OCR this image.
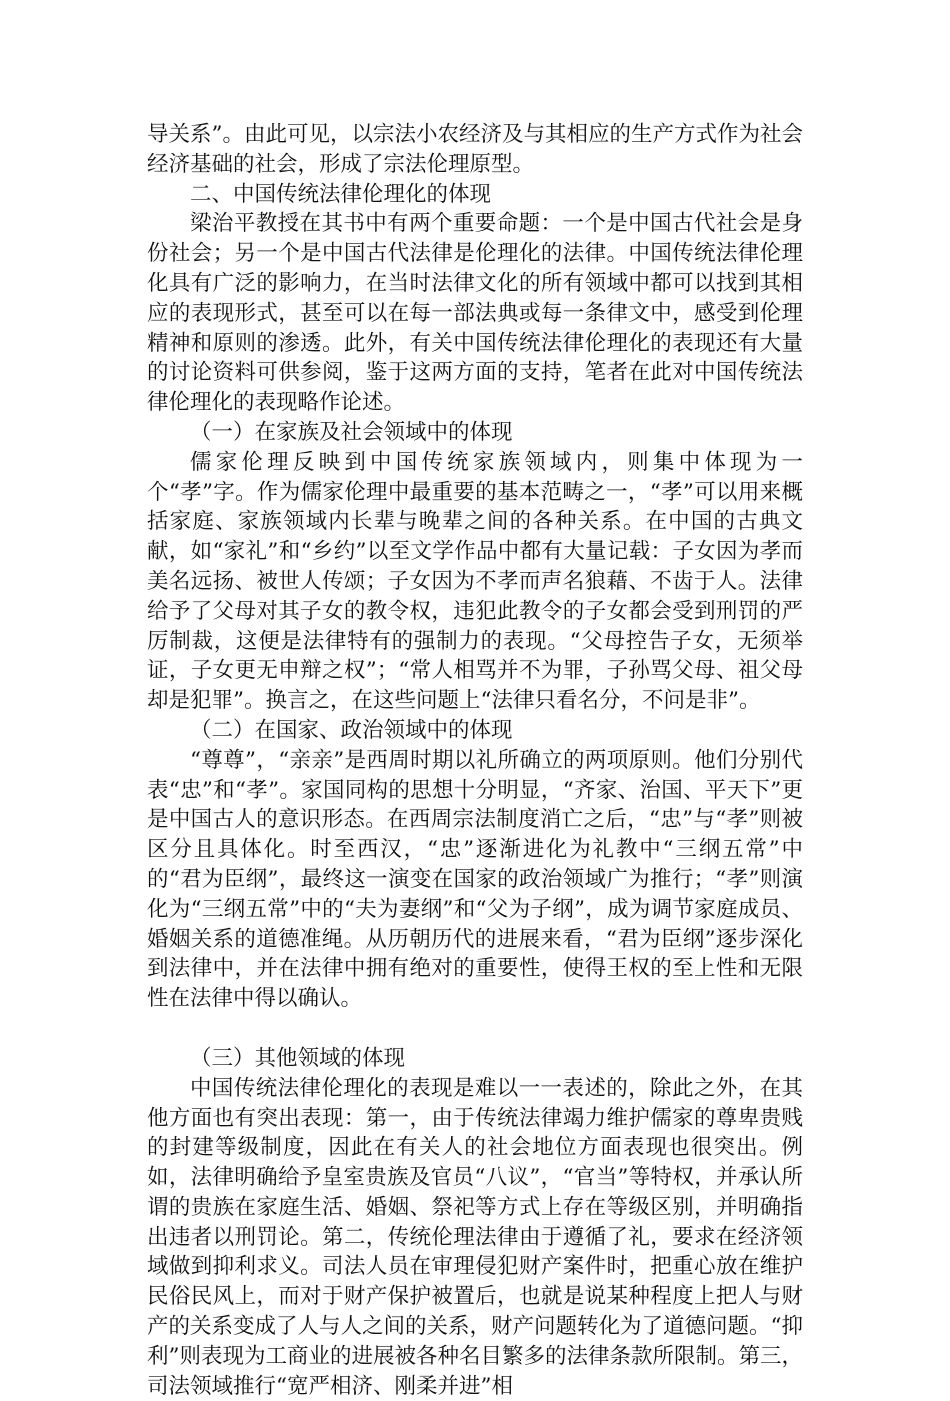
导关系”。由此可见，以宗法小农经济及与其相应的生产方式作为社会经济基础的社会，形成了宗法伦理原型。

二、中国传统法律伦理化的体现

梁治平教授在其书中有两个重要命题：一个是中国古代社会是身份社会；另一个是中国古代法律是伦理化的法律。中国传统法律伦理化具有广泛的影响力，在当时法律文化的所有领域中都可以找到其相应的表现形式，甚至可以在每一部法典或每一条律文中，感受到伦理精神和原则的渗透。此外，有关中国传统法律伦理化的表现还有大量的讨论资料可供参阅，鉴于这两方面的支持，笔者在此对中国传统法律伦理化的表现略作论述。

（一）在家族及社会领域中的体现

儒家伦理反映到中国传统家族领域内，则集中体现为一个“孝”字。作为儒家伦理中最重要的基本范畴之一，“孝”可以用来概括家庭、家族领域内长辈与晚辈之间的各种关系。在中国的古典文献，如“家礼”和“乡约”以至文学作品中都有大量记载：子女因为孝而美名远扬、被世人传颂；子女因为不孝而声名狼藉、不齿于人。法律给予了父母对其子女的教令权，违犯此教令的子女都会受到刑罚的严厉制裁，这便是法律特有的强制力的表现。“父母控告子女，无须举证，子女更无申辩之权”；“常人相骂并不为罪，子孙骂父母、祖父母却是犯罪”。换言之，在这些问题上“法律只看名分，不问是非”。

（二）在国家、政治领域中的体现

“尊尊”，“亲亲”是西周时期以礼所确立的两项原则。他们分别代表“忠”和“孝”。家国同构的思想十分明显，“齐家、治国、平天下”更是中国古人的意识形态。在西周宗法制度消亡之后，“忠”与“孝”则被区分且具体化。时至西汉，“忠”逐渐进化为礼教中“三纲五常”中的“君为臣纲”，最终这一演变在国家的政治领域广为推行；“孝”则演化为“三纲五常”中的“夫为妻纲”和“父为子纲”，成为调节家庭成员、婚姻关系的道德准绳。从历朝历代的进展来看，“君为臣纲”逐步深化到法律中，并在法律中拥有绝对的重要性，使得王权的至上性和无限性在法律中得以确认。

（三）其他领域的体现

中国传统法律伦理化的表现是难以一一表述的，除此之外，在其他方面也有突出表现：第一，由于传统法律竭力维护儒家的尊卑贵贱的封建等级制度，因此在有关人的社会地位方面表现也很突出。例如，法律明确给予皇室贵族及官员“八议”，“官当”等特权，并承认所谓的贵族在家庭生活、婚姻、祭祀等方式上存在等级区别，并明确指出违者以刑罚论。第二，传统伦理法律由于遵循了礼，要求在经济领域做到抑利求义。司法人员在审理侵犯财产案件时，把重心放在维护民俗民风上，而对于财产保护被置后，也就是说某种程度上把人与财产的关系变成了人与人之间的关系，财产问题转化为了道德问题。“抑利”则表现为工商业的进展被各种名目繁多的法律条款所限制。第三，司法领域推行“宽严相济、刚柔并进”相
